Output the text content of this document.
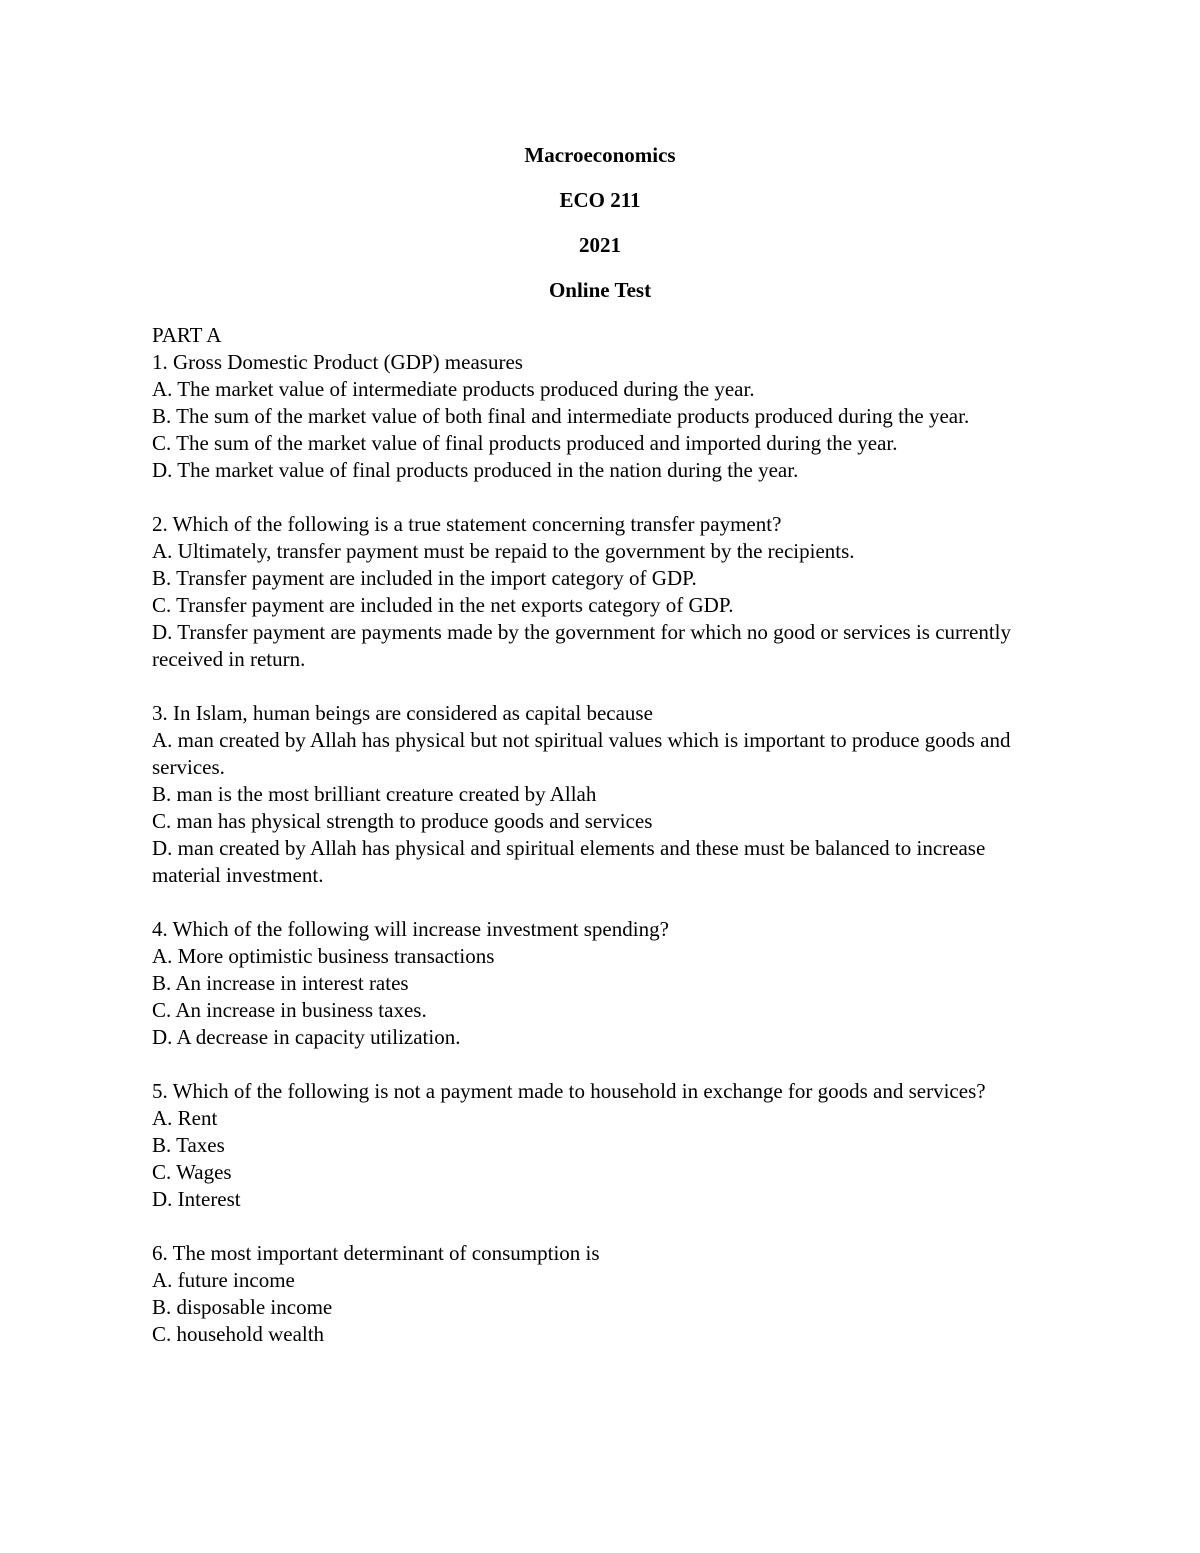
Macroeconomics
ECO 211
2021
Online Test
PART A
1. Gross Domestic Product (GDP) measures
A. The market value of intermediate products produced during the year.
B. The sum of the market value of both final and intermediate products produced during the year.
C. The sum of the market value of final products produced and imported during the year.
D. The market value of final products produced in the nation during the year.
2. Which of the following is a true statement concerning transfer payment?
A. Ultimately, transfer payment must be repaid to the government by the recipients.
B. Transfer payment are included in the import category of GDP.
C. Transfer payment are included in the net exports category of GDP.
D. Transfer payment are payments made by the government for which no good or services is currently received in return.
3. In Islam, human beings are considered as capital because
A. man created by Allah has physical but not spiritual values which is important to produce goods and services.
B. man is the most brilliant creature created by Allah
C. man has physical strength to produce goods and services
D. man created by Allah has physical and spiritual elements and these must be balanced to increase material investment.
4. Which of the following will increase investment spending?
A. More optimistic business transactions
B. An increase in interest rates
C. An increase in business taxes.
D. A decrease in capacity utilization.
5. Which of the following is not a payment made to household in exchange for goods and services?
A. Rent
B. Taxes
C. Wages
D. Interest
6. The most important determinant of consumption is
A. future income
B. disposable income
C. household wealth
